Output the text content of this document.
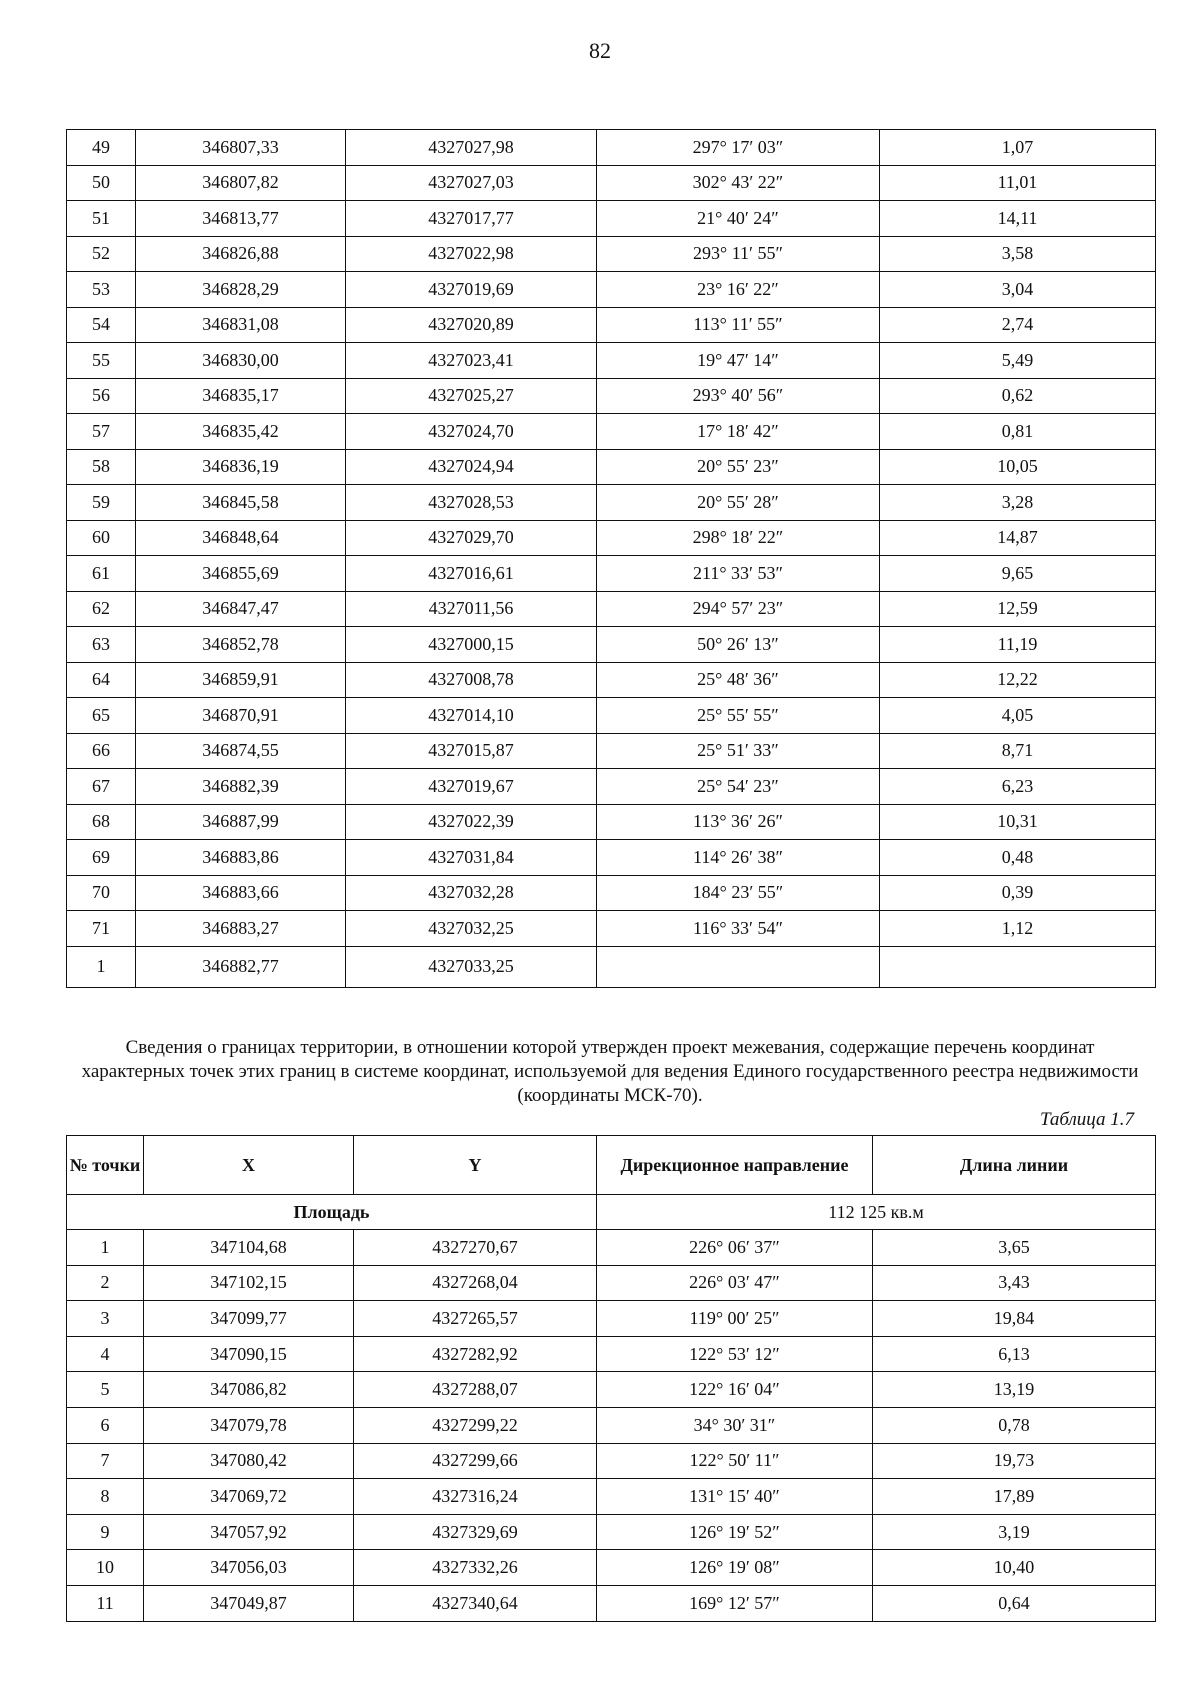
82
49	346807,33	4327027,98	297° 17′ 03″	1,07
50	346807,82	4327027,03	302° 43′ 22″	11,01
51	346813,77	4327017,77	21° 40′ 24″	14,11
52	346826,88	4327022,98	293° 11′ 55″	3,58
53	346828,29	4327019,69	23° 16′ 22″	3,04
54	346831,08	4327020,89	113° 11′ 55″	2,74
55	346830,00	4327023,41	19° 47′ 14″	5,49
56	346835,17	4327025,27	293° 40′ 56″	0,62
57	346835,42	4327024,70	17° 18′ 42″	0,81
58	346836,19	4327024,94	20° 55′ 23″	10,05
59	346845,58	4327028,53	20° 55′ 28″	3,28
60	346848,64	4327029,70	298° 18′ 22″	14,87
61	346855,69	4327016,61	211° 33′ 53″	9,65
62	346847,47	4327011,56	294° 57′ 23″	12,59
63	346852,78	4327000,15	50° 26′ 13″	11,19
64	346859,91	4327008,78	25° 48′ 36″	12,22
65	346870,91	4327014,10	25° 55′ 55″	4,05
66	346874,55	4327015,87	25° 51′ 33″	8,71
67	346882,39	4327019,67	25° 54′ 23″	6,23
68	346887,99	4327022,39	113° 36′ 26″	10,31
69	346883,86	4327031,84	114° 26′ 38″	0,48
70	346883,66	4327032,28	184° 23′ 55″	0,39
71	346883,27	4327032,25	116° 33′ 54″	1,12
1	346882,77	4327033,25		
Сведения о границах территории, в отношении которой утвержден проект межевания, содержащие перечень координат характерных точек этих границ в системе координат, используемой для ведения Единого государственного реестра недвижимости (координаты МСК-70).
Таблица 1.7
№ точки	X	Y	Дирекционное направление	Длина линии
Площадь			112 125 кв.м	
1	347104,68	4327270,67	226° 06′ 37″	3,65
2	347102,15	4327268,04	226° 03′ 47″	3,43
3	347099,77	4327265,57	119° 00′ 25″	19,84
4	347090,15	4327282,92	122° 53′ 12″	6,13
5	347086,82	4327288,07	122° 16′ 04″	13,19
6	347079,78	4327299,22	34° 30′ 31″	0,78
7	347080,42	4327299,66	122° 50′ 11″	19,73
8	347069,72	4327316,24	131° 15′ 40″	17,89
9	347057,92	4327329,69	126° 19′ 52″	3,19
10	347056,03	4327332,26	126° 19′ 08″	10,40
11	347049,87	4327340,64	169° 12′ 57″	0,64
